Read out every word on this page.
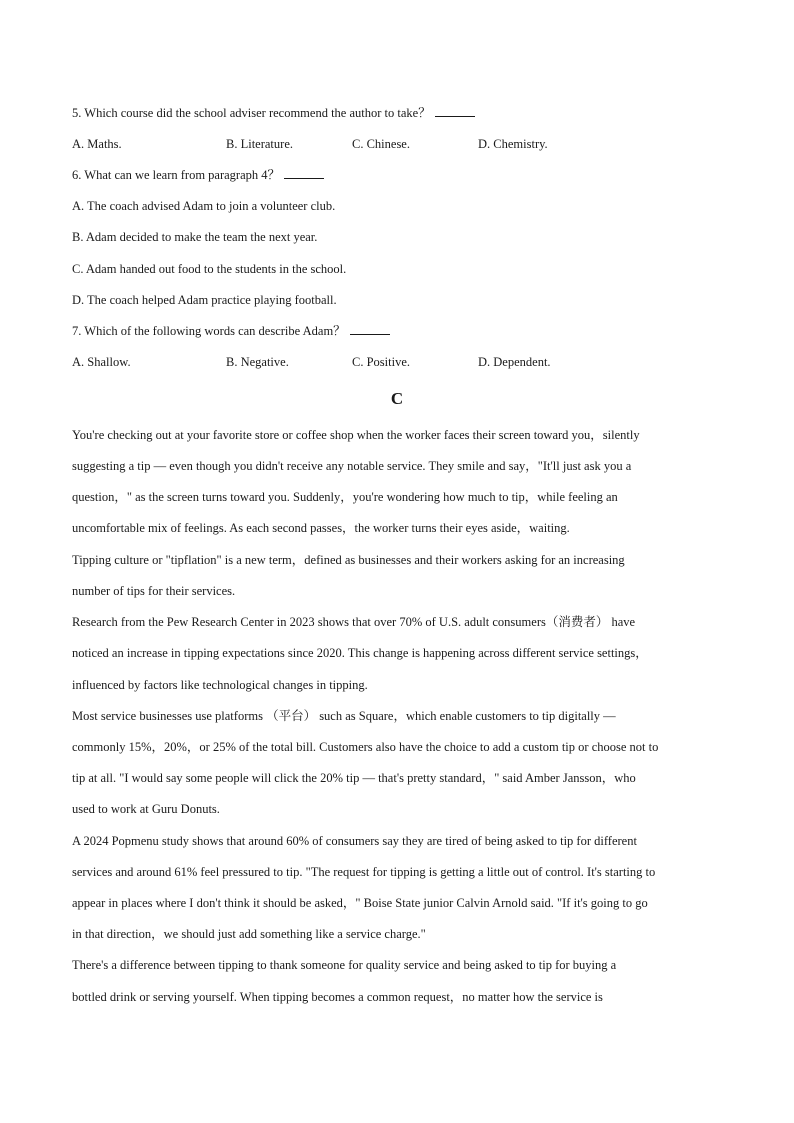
5. Which course did the school adviser recommend the author to take？
A. Maths.	B. Literature.	C. Chinese.	D. Chemistry.
6. What can we learn from paragraph 4？
A. The coach advised Adam to join a volunteer club.
B. Adam decided to make the team the next year.
C. Adam handed out food to the students in the school.
D. The coach helped Adam practice playing football.
7. Which of the following words can describe Adam？
A. Shallow.	B. Negative.	C. Positive.	D. Dependent.
C
You're checking out at your favorite store or coffee shop when the worker faces their screen toward you，silently
suggesting a tip — even though you didn't receive any notable service. They smile and say，"It'll just ask you a
question，" as the screen turns toward you. Suddenly，you're wondering how much to tip，while feeling an
uncomfortable mix of feelings. As each second passes，the worker turns their eyes aside，waiting.
Tipping culture or "tipflation" is a new term，defined as businesses and their workers asking for an increasing
number of tips for their services.
Research from the Pew Research Center in 2023 shows that over 70% of U.S. adult consumers（消费者） have
noticed an increase in tipping expectations since 2020. This change is happening across different service settings，
influenced by factors like technological changes in tipping.
Most service businesses use platforms （平台） such as Square，which enable customers to tip digitally —
commonly 15%，20%，or 25% of the total bill. Customers also have the choice to add a custom tip or choose not to
tip at all. "I would say some people will click the 20% tip — that's pretty standard，" said Amber Jansson，who
used to work at Guru Donuts.
A 2024 Popmenu study shows that around 60% of consumers say they are tired of being asked to tip for different
services and around 61% feel pressured to tip. "The request for tipping is getting a little out of control. It's starting to
appear in places where I don't think it should be asked，" Boise State junior Calvin Arnold said. "If it's going to go
in that direction，we should just add something like a service charge."
There's a difference between tipping to thank someone for quality service and being asked to tip for buying a
bottled drink or serving yourself. When tipping becomes a common request，no matter how the service is
